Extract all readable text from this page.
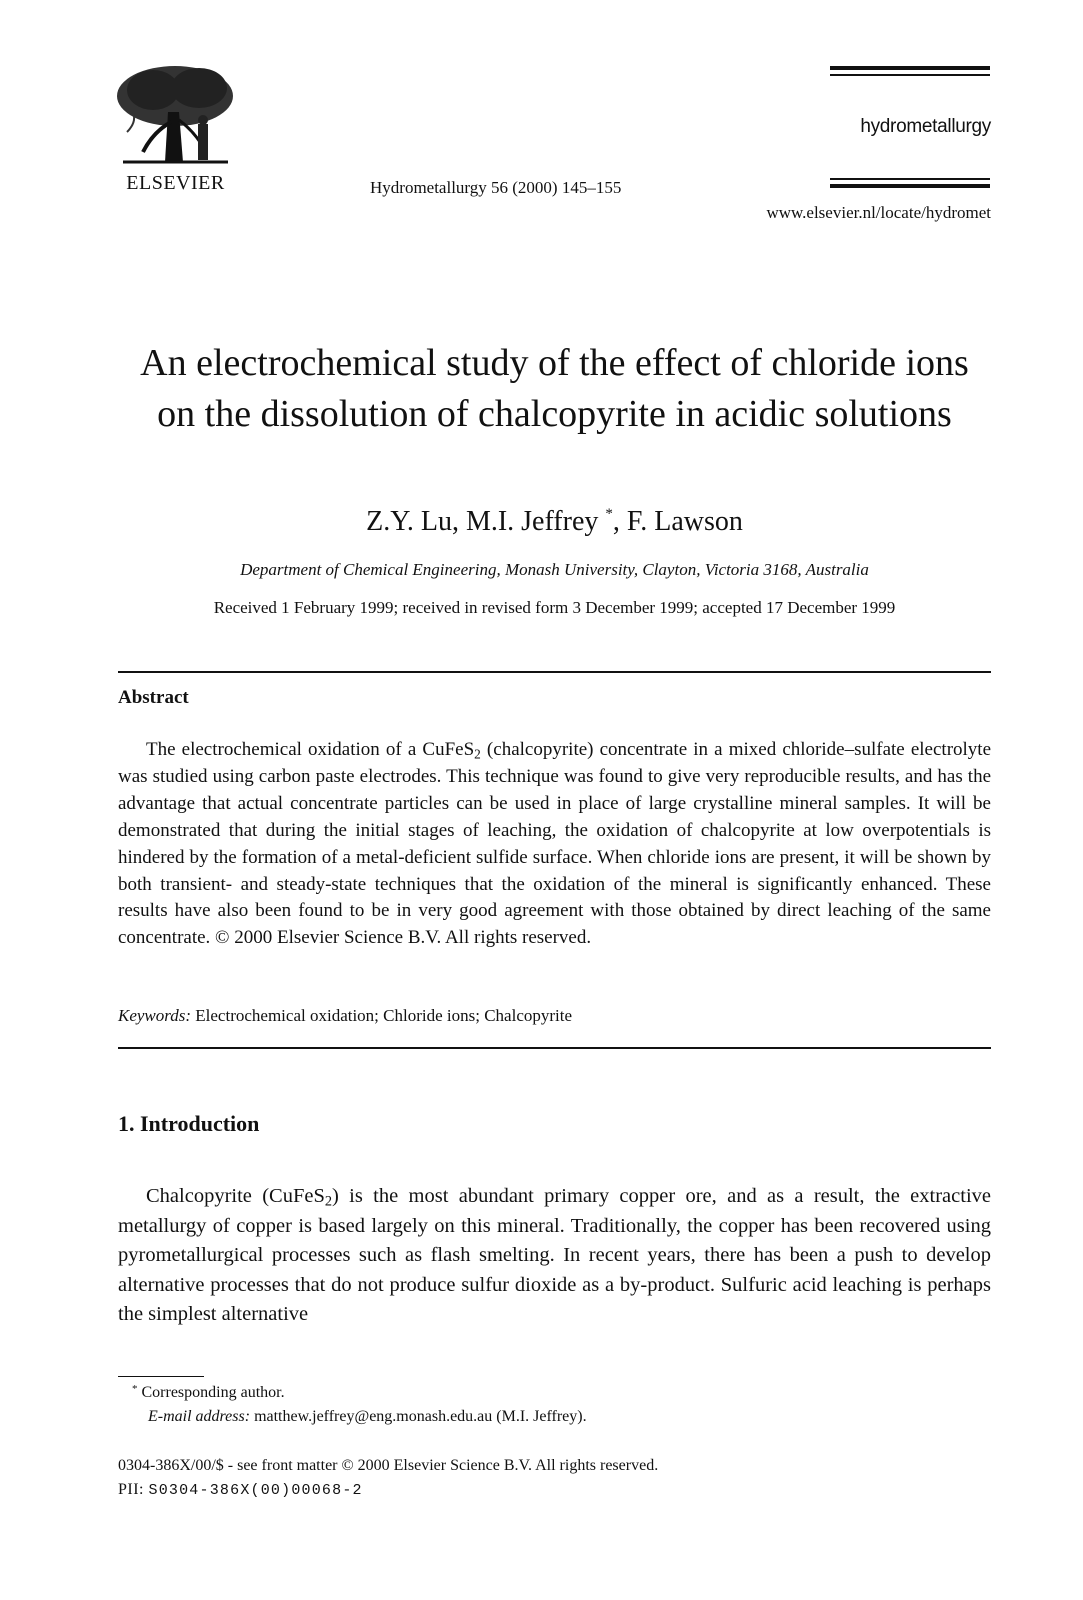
ELSEVIER	Hydrometallurgy 56 (2000) 145–155
hydrometallurgy
www.elsevier.nl/locate/hydromet
An electrochemical study of the effect of chloride ions on the dissolution of chalcopyrite in acidic solutions
Z.Y. Lu, M.I. Jeffrey *, F. Lawson
Department of Chemical Engineering, Monash University, Clayton, Victoria 3168, Australia
Received 1 February 1999; received in revised form 3 December 1999; accepted 17 December 1999
Abstract
The electrochemical oxidation of a CuFeS$_2$ (chalcopyrite) concentrate in a mixed chloride–sulfate electrolyte was studied using carbon paste electrodes. This technique was found to give very reproducible results, and has the advantage that actual concentrate particles can be used in place of large crystalline mineral samples. It will be demonstrated that during the initial stages of leaching, the oxidation of chalcopyrite at low overpotentials is hindered by the formation of a metal-deficient sulfide surface. When chloride ions are present, it will be shown by both transient- and steady-state techniques that the oxidation of the mineral is significantly enhanced. These results have also been found to be in very good agreement with those obtained by direct leaching of the same concentrate. © 2000 Elsevier Science B.V. All rights reserved.
Keywords: Electrochemical oxidation; Chloride ions; Chalcopyrite
1. Introduction
Chalcopyrite (CuFeS$_2$) is the most abundant primary copper ore, and as a result, the extractive metallurgy of copper is based largely on this mineral. Traditionally, the copper has been recovered using pyrometallurgical processes such as flash smelting. In recent years, there has been a push to develop alternative processes that do not produce sulfur dioxide as a by-product. Sulfuric acid leaching is perhaps the simplest alternative
* Corresponding author.
E-mail address: matthew.jeffrey@eng.monash.edu.au (M.I. Jeffrey).
0304-386X/00/$ - see front matter © 2000 Elsevier Science B.V. All rights reserved.
PII: S0304-386X(00)00068-2
